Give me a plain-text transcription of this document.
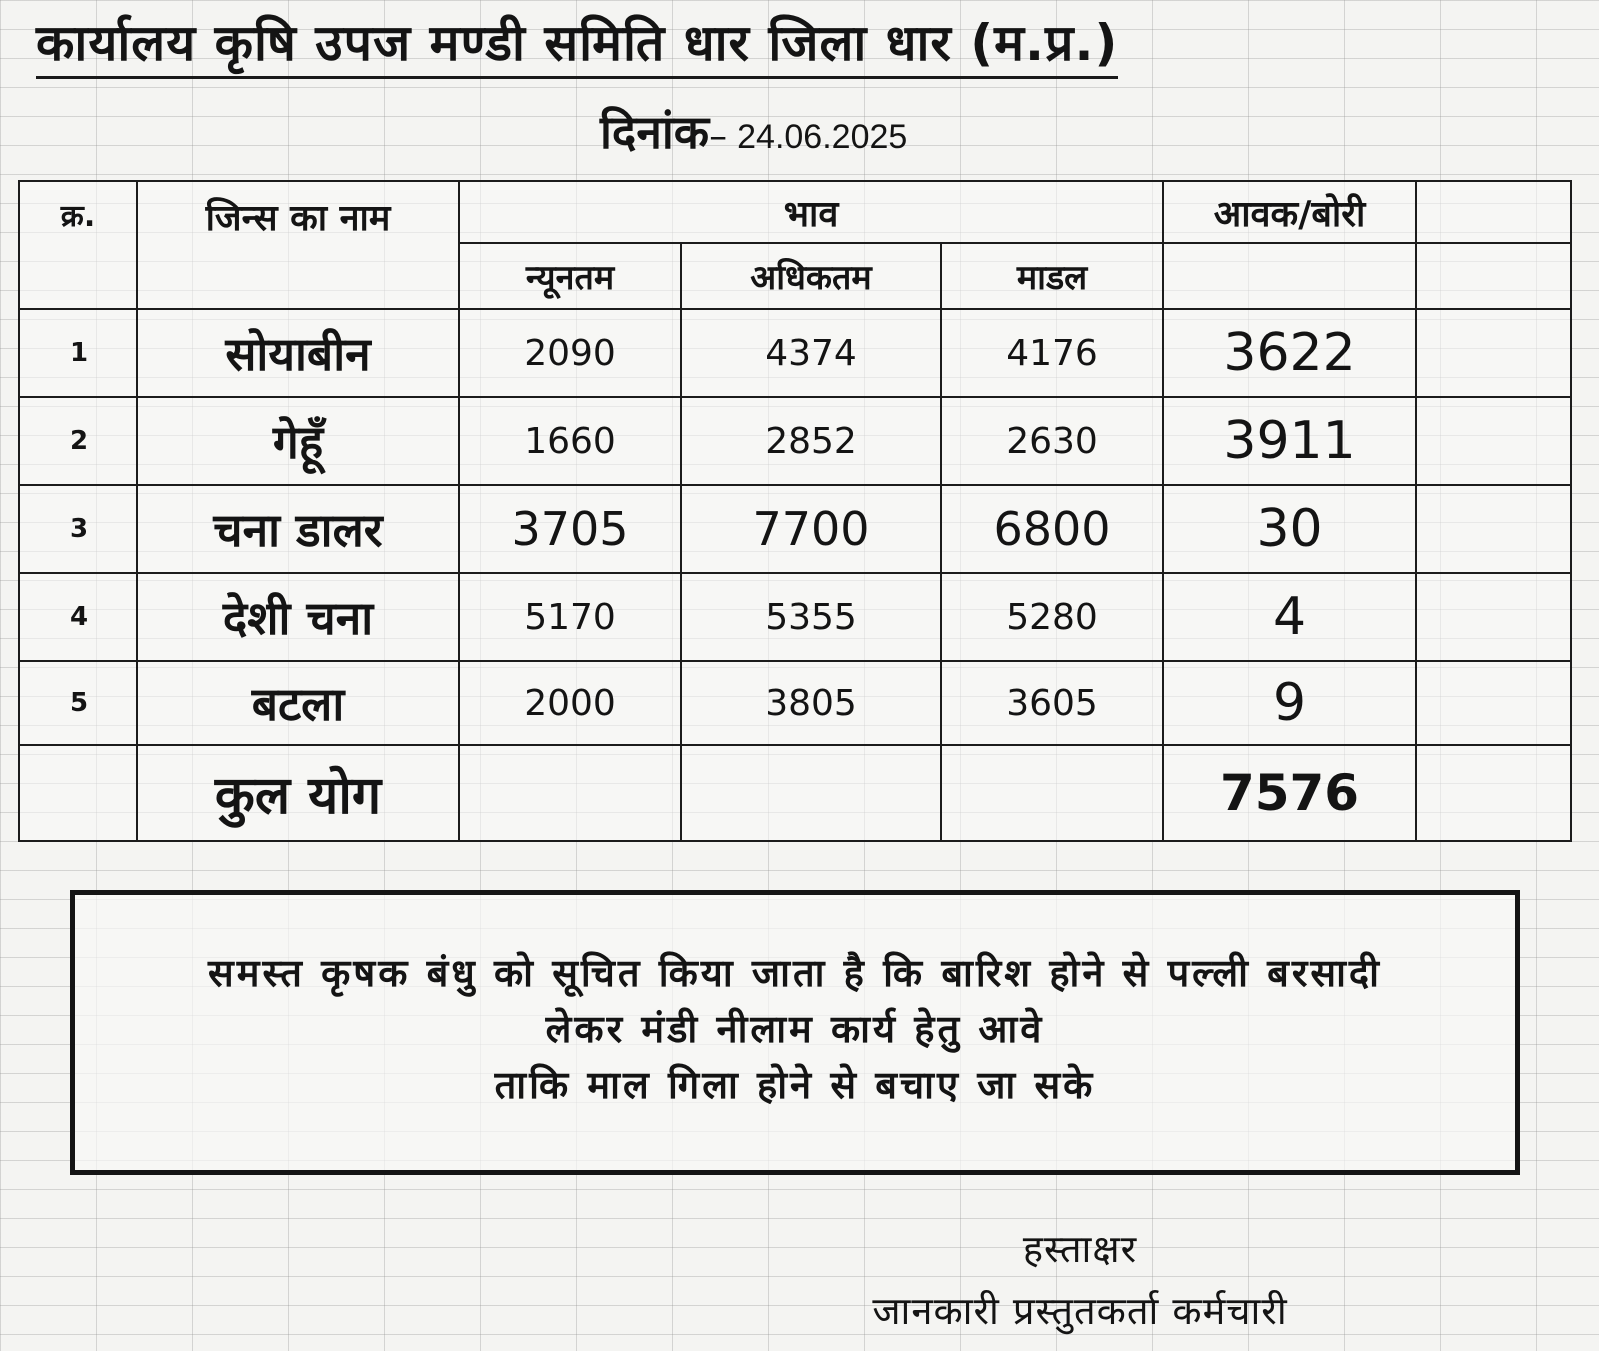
कार्यालय कृषि उपज मण्डी समिति धार जिला धार (म.प्र.)
दिनांक– 24.06.2025
क्र.	जिन्स का नाम	भाव			आवक/बोरी	
		न्यूनतम	अधिकतम	माडल		
1	सोयाबीन	2090	4374	4176	3622	
2	गेहूँ	1660	2852	2630	3911	
3	चना डालर	3705	7700	6800	30	
4	देशी चना	5170	5355	5280	4	
5	बटला	2000	3805	3605	9	
	कुल योग				7576	
समस्त कृषक बंधु को सूचित किया जाता है कि बारिश होने से पल्ली बरसादी
लेकर मंडी नीलाम कार्य हेतु आवे
ताकि माल गिला होने से बचाए जा सके
हस्ताक्षर
जानकारी प्रस्तुतकर्ता कर्मचारी
